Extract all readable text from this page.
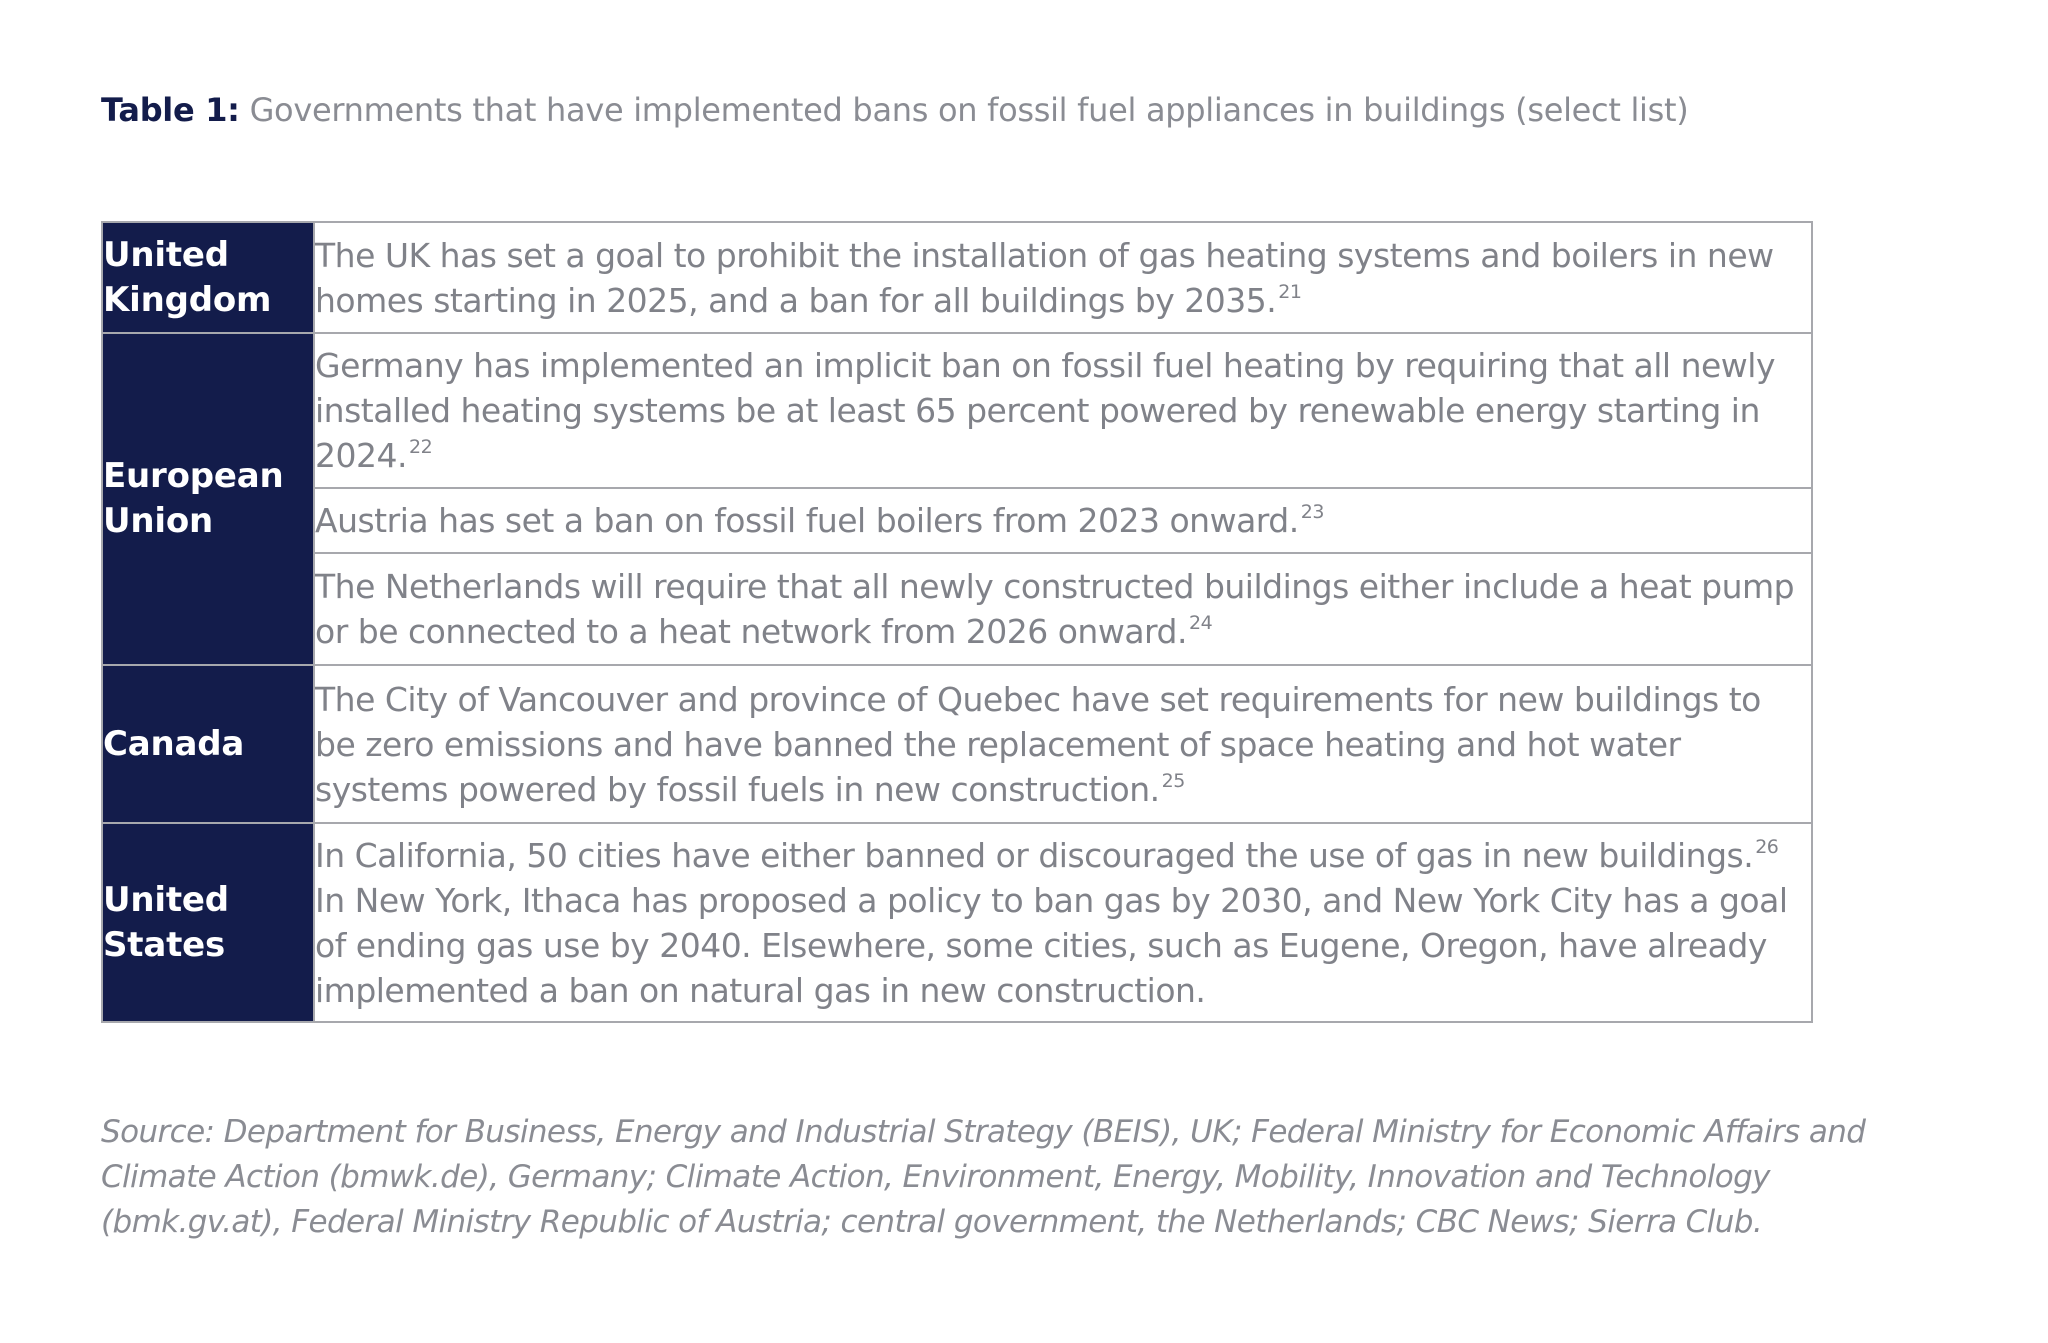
Table 1: Governments that have implemented bans on fossil fuel appliances in buildings (select list)
United
Kingdom	The UK has set a goal to prohibit the installation of gas heating systems and boilers in new homes starting in 2025, and a ban for all buildings by 2035. $^{21}$
European
Union	Germany has implemented an implicit ban on fossil fuel heating by requiring that all newly installed heating systems be at least 65 percent powered by renewable energy starting in 2024. $^{22}$
	Austria has set a ban on fossil fuel boilers from 2023 onward. $^{23}$
	The Netherlands will require that all newly constructed buildings either include a heat pump or be connected to a heat network from 2026 onward. $^{24}$
Canada	The City of Vancouver and province of Quebec have set requirements for new buildings to be zero emissions and have banned the replacement of space heating and hot water systems powered by fossil fuels in new construction. $^{25}$
United
States	In California, 50 cities have either banned or discouraged the use of gas in new buildings. $^{26}$ In New York, Ithaca has proposed a policy to ban gas by 2030, and New York City has a goal of ending gas use by 2040. Elsewhere, some cities, such as Eugene, Oregon, have already implemented a ban on natural gas in new construction.
Source: Department for Business, Energy and Industrial Strategy (BEIS), UK; Federal Ministry for Economic Affairs and
Climate Action (bmwk.de), Germany; Climate Action, Environment, Energy, Mobility, Innovation and Technology
(bmk.gv.at), Federal Ministry Republic of Austria; central government, the Netherlands; CBC News; Sierra Club.
